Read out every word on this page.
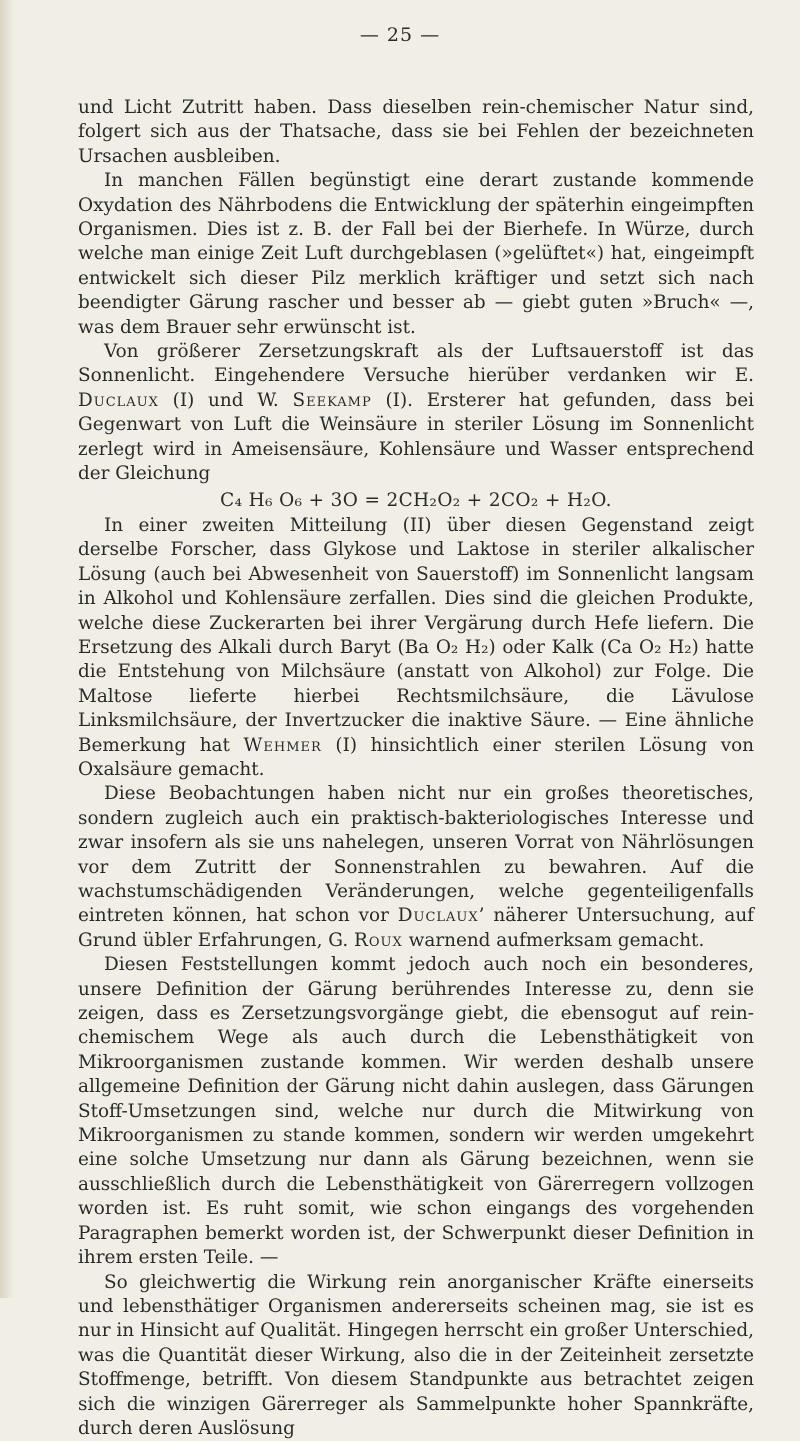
— 25 —

und Licht Zutritt haben. Dass dieselben rein-chemischer Natur sind, folgert sich aus der Thatsache, dass sie bei Fehlen der bezeichneten Ursachen ausbleiben.

In manchen Fällen begünstigt eine derart zustande kommende Oxydation des Nährbodens die Entwicklung der späterhin eingeimpften Organismen. Dies ist z. B. der Fall bei der Bierhefe. In Würze, durch welche man einige Zeit Luft durchgeblasen (»gelüftet«) hat, eingeimpft entwickelt sich dieser Pilz merklich kräftiger und setzt sich nach beendigter Gärung rascher und besser ab — giebt guten »Bruch« —, was dem Brauer sehr erwünscht ist.

Von größerer Zersetzungskraft als der Luftsauerstoff ist das Sonnenlicht. Eingehendere Versuche hierüber verdanken wir E. Duclaux (I) und W. Seekamp (I). Ersterer hat gefunden, dass bei Gegenwart von Luft die Weinsäure in steriler Lösung im Sonnenlicht zerlegt wird in Ameisensäure, Kohlensäure und Wasser entsprechend der Gleichung

C₄ H₆ O₆ + 3O = 2CH₂O₂ + 2CO₂ + H₂O.

In einer zweiten Mitteilung (II) über diesen Gegenstand zeigt derselbe Forscher, dass Glykose und Laktose in steriler alkalischer Lösung (auch bei Abwesenheit von Sauerstoff) im Sonnenlicht langsam in Alkohol und Kohlensäure zerfallen. Dies sind die gleichen Produkte, welche diese Zuckerarten bei ihrer Vergärung durch Hefe liefern. Die Ersetzung des Alkali durch Baryt (Ba O₂ H₂) oder Kalk (Ca O₂ H₂) hatte die Entstehung von Milchsäure (anstatt von Alkohol) zur Folge. Die Maltose lieferte hierbei Rechtsmilchsäure, die Lävulose Linksmilchsäure, der Invertzucker die inaktive Säure. — Eine ähnliche Bemerkung hat Wehmer (I) hinsichtlich einer sterilen Lösung von Oxalsäure gemacht.

Diese Beobachtungen haben nicht nur ein großes theoretisches, sondern zugleich auch ein praktisch-bakteriologisches Interesse und zwar insofern als sie uns nahelegen, unseren Vorrat von Nährlösungen vor dem Zutritt der Sonnenstrahlen zu bewahren. Auf die wachstumschädigenden Veränderungen, welche gegenteiligenfalls eintreten können, hat schon vor Duclaux’ näherer Untersuchung, auf Grund übler Erfahrungen, G. Roux warnend aufmerksam gemacht.

Diesen Feststellungen kommt jedoch auch noch ein besonderes, unsere Definition der Gärung berührendes Interesse zu, denn sie zeigen, dass es Zersetzungsvorgänge giebt, die ebensogut auf rein-chemischem Wege als auch durch die Lebensthätigkeit von Mikroorganismen zustande kommen. Wir werden deshalb unsere allgemeine Definition der Gärung nicht dahin auslegen, dass Gärungen Stoff-Umsetzungen sind, welche nur durch die Mitwirkung von Mikroorganismen zu stande kommen, sondern wir werden umgekehrt eine solche Umsetzung nur dann als Gärung bezeichnen, wenn sie ausschließlich durch die Lebensthätigkeit von Gärerregern vollzogen worden ist. Es ruht somit, wie schon eingangs des vorgehenden Paragraphen bemerkt worden ist, der Schwerpunkt dieser Definition in ihrem ersten Teile. —

So gleichwertig die Wirkung rein anorganischer Kräfte einerseits und lebensthätiger Organismen andererseits scheinen mag, sie ist es nur in Hinsicht auf Qualität. Hingegen herrscht ein großer Unterschied, was die Quantität dieser Wirkung, also die in der Zeiteinheit zersetzte Stoffmenge, betrifft. Von diesem Standpunkte aus betrachtet zeigen sich die winzigen Gärerreger als Sammelpunkte hoher Spannkräfte, durch deren Auslösung
